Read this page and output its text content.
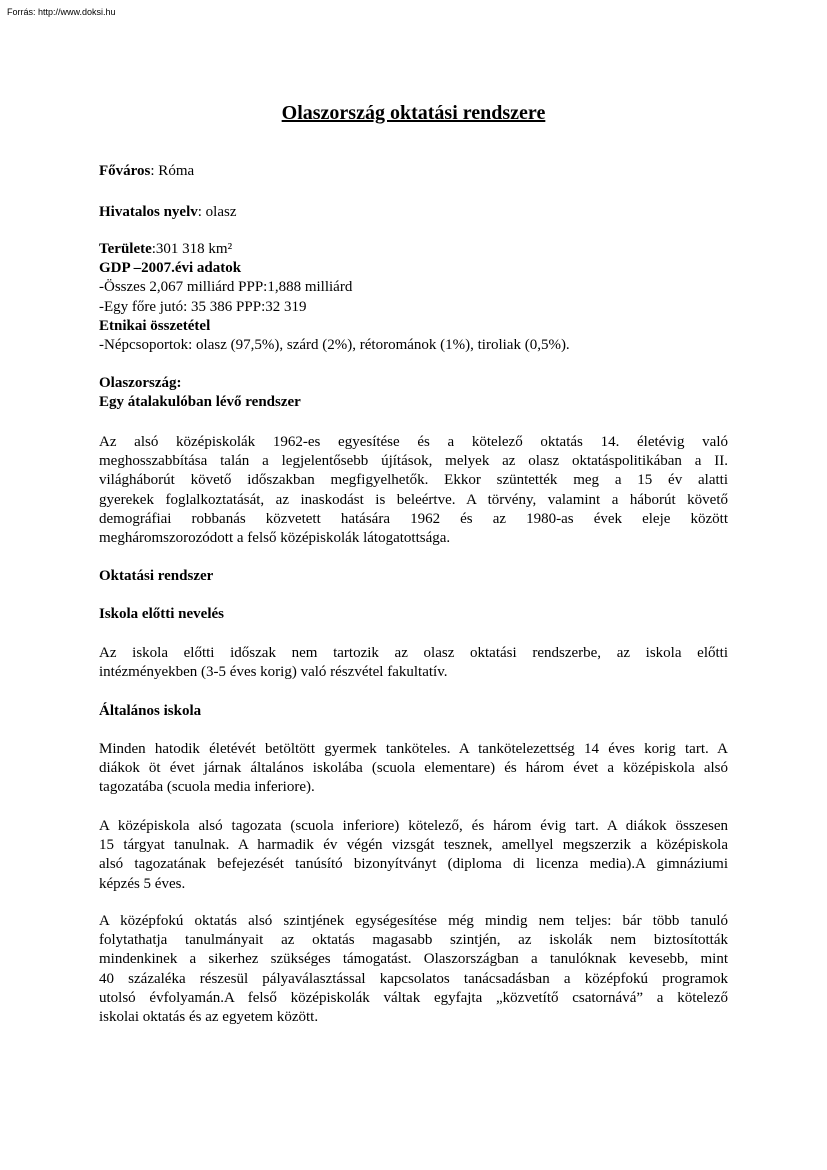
Forrás: http://www.doksi.hu
Olaszország oktatási rendszere
Főváros: Róma
Hivatalos nyelv: olasz
Területe:301 318 km²
GDP –2007.évi adatok
-Összes 2,067 milliárd PPP:1,888 milliárd
-Egy főre jutó: 35 386 PPP:32 319
Etnikai összetétel
-Népcsoportok: olasz (97,5%), szárd (2%), rétorománok (1%), tiroliak (0,5%).
Olaszország:
Egy átalakulóban lévő rendszer
Az alsó középiskolák 1962-es egyesítése és a kötelező oktatás 14. életévig való
meghosszabbítása talán a legjelentősebb újítások, melyek az olasz oktatáspolitikában a II.
világháborút követő időszakban megfigyelhetők. Ekkor szüntették meg a 15 év alatti
gyerekek foglalkoztatását, az inaskodást is beleértve. A törvény, valamint a háborút követő
demográfiai robbanás közvetett hatására 1962 és az 1980-as évek eleje között
megháromszorozódott a felső középiskolák látogatottsága.
Oktatási rendszer
Iskola előtti nevelés
Az iskola előtti időszak nem tartozik az olasz oktatási rendszerbe, az iskola előtti
intézményekben (3-5 éves korig) való részvétel fakultatív.
Általános iskola
Minden hatodik életévét betöltött gyermek tanköteles. A tankötelezettség 14 éves korig tart. A
diákok öt évet járnak általános iskolába (scuola elementare) és három évet a középiskola alsó
tagozatába (scuola media inferiore).
A középiskola alsó tagozata (scuola inferiore) kötelező, és három évig tart. A diákok összesen
15 tárgyat tanulnak. A harmadik év végén vizsgát tesznek, amellyel megszerzik a középiskola
alsó tagozatának befejezését tanúsító bizonyítványt (diploma di licenza media).A gimnáziumi
képzés 5 éves.
A középfokú oktatás alsó szintjének egységesítése még mindig nem teljes: bár több tanuló
folytathatja tanulmányait az oktatás magasabb szintjén, az iskolák nem biztosították
mindenkinek a sikerhez szükséges támogatást. Olaszországban a tanulóknak kevesebb, mint
40 százaléka részesül pályaválasztással kapcsolatos tanácsadásban a középfokú programok
utolsó évfolyamán.A felső középiskolák váltak egyfajta „közvetítő csatornává” a kötelező
iskolai oktatás és az egyetem között.
